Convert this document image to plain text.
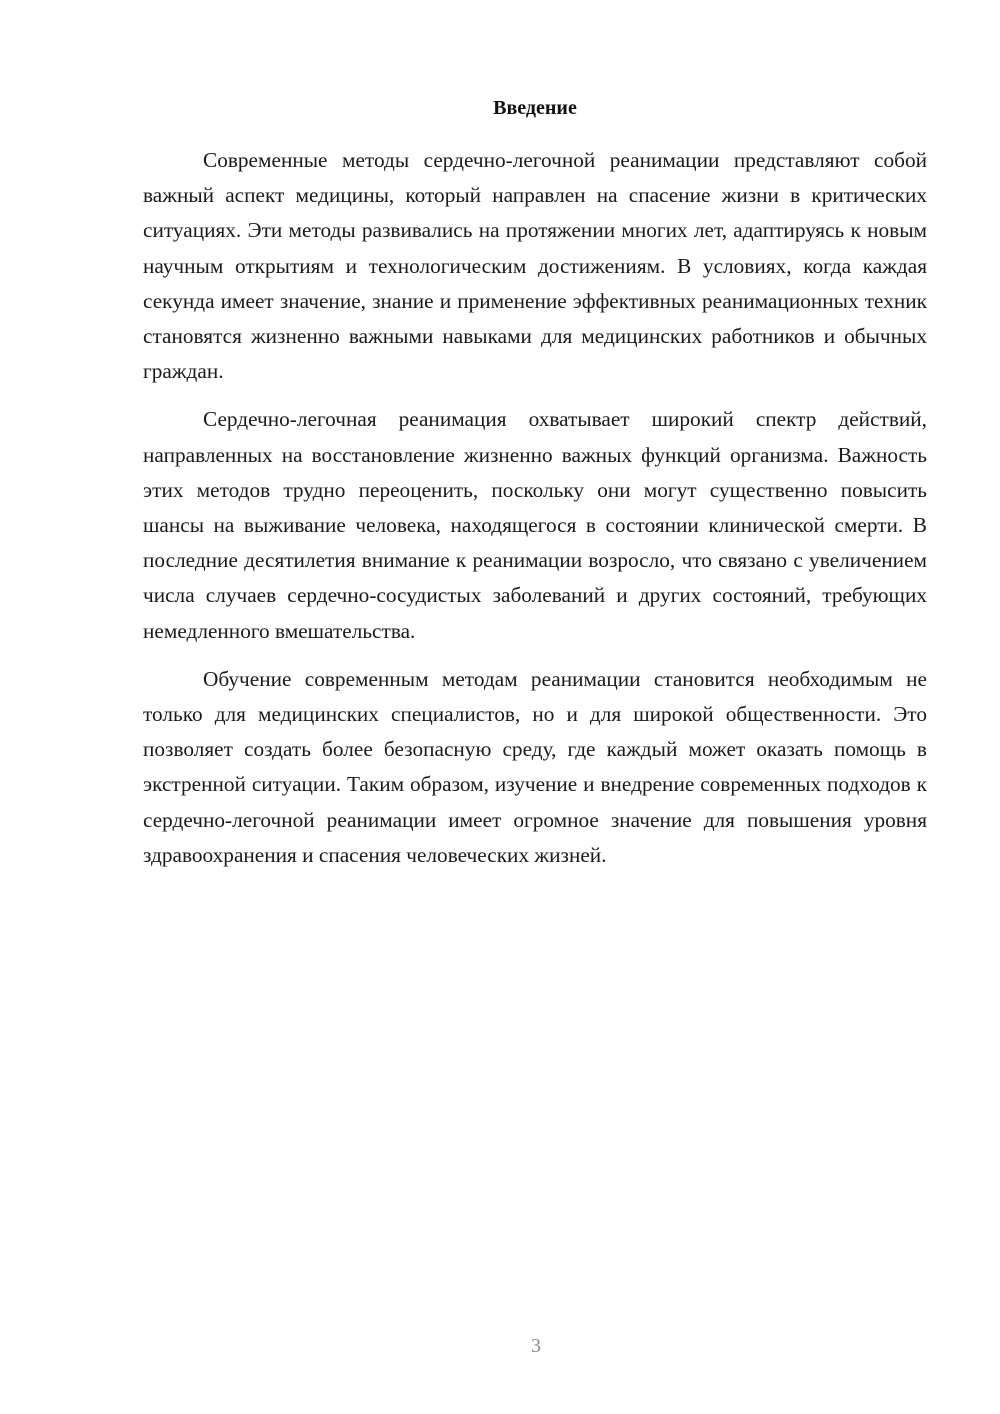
Введение

Современные методы сердечно-легочной реанимации представляют собой важный аспект медицины, который направлен на спасение жизни в критических ситуациях. Эти методы развивались на протяжении многих лет, адаптируясь к новым научным открытиям и технологическим достижениям. В условиях, когда каждая секунда имеет значение, знание и применение эффективных реанимационных техник становятся жизненно важными навыками для медицинских работников и обычных граждан.

Сердечно-легочная реанимация охватывает широкий спектр действий, направленных на восстановление жизненно важных функций организма. Важность этих методов трудно переоценить, поскольку они могут существенно повысить шансы на выживание человека, находящегося в состоянии клинической смерти. В последние десятилетия внимание к реанимации возросло, что связано с увеличением числа случаев сердечно-сосудистых заболеваний и других состояний, требующих немедленного вмешательства.

Обучение современным методам реанимации становится необходимым не только для медицинских специалистов, но и для широкой общественности. Это позволяет создать более безопасную среду, где каждый может оказать помощь в экстренной ситуации. Таким образом, изучение и внедрение современных подходов к сердечно-легочной реанимации имеет огромное значение для повышения уровня здравоохранения и спасения человеческих жизней.

3
